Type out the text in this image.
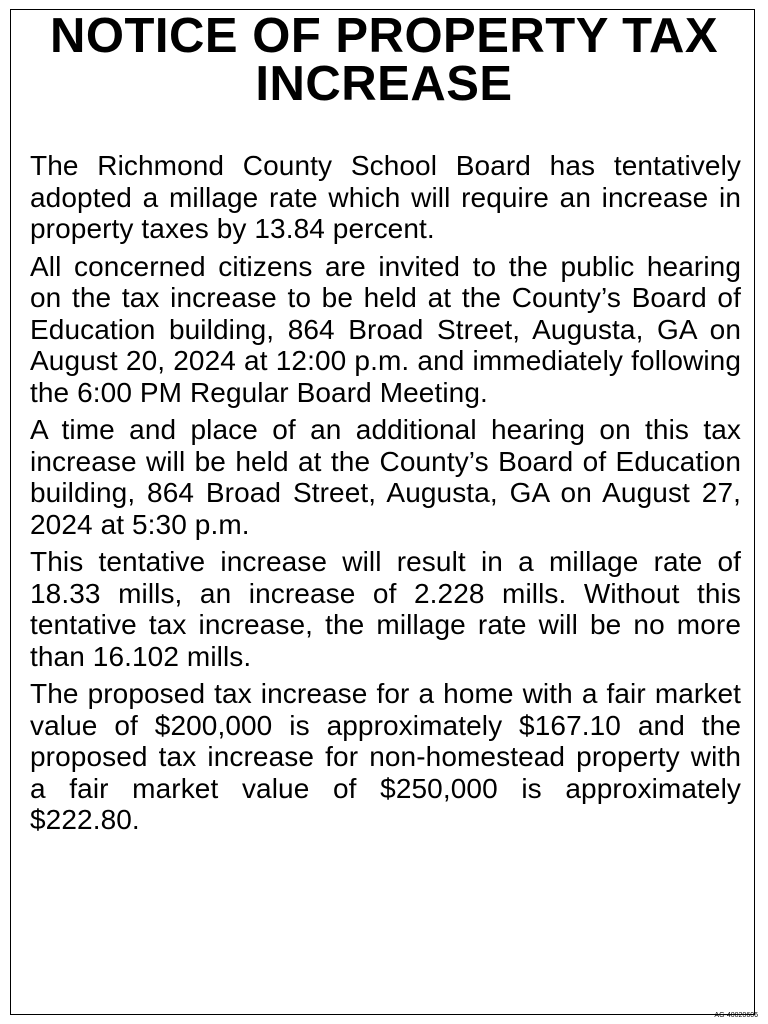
NOTICE OF PROPERTY TAX INCREASE

The Richmond County School Board has tentatively adopted a millage rate which will require an increase in property taxes by 13.84 percent.

All concerned citizens are invited to the public hearing on the tax increase to be held at the County’s Board of Education building, 864 Broad Street, Augusta, GA on August 20, 2024 at 12:00 p.m. and immediately following the 6:00 PM Regular Board Meeting.

A time and place of an additional hearing on this tax increase will be held at the County’s Board of Education building, 864 Broad Street, Augusta, GA on August 27, 2024 at 5:30 p.m.

This tentative increase will result in a millage rate of 18.33 mills, an increase of 2.228 mills. Without this tentative tax increase, the millage rate will be no more than 16.102 mills.

The proposed tax increase for a home with a fair market value of $200,000 is approximately $167.10 and the proposed tax increase for non-homestead property with a fair market value of $250,000 is approximately $222.80.

AG-40020606
